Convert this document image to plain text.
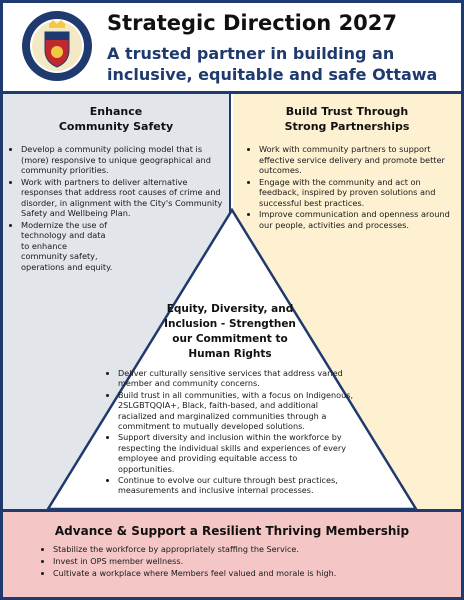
Strategic Direction 2027
A trusted partner in building an inclusive, equitable and safe Ottawa
Enhance
Community Safety
• Develop a community policing model that is (more) responsive to unique geographical and community priorities.
• Work with partners to deliver alternative responses that address root causes of crime and disorder, in alignment with the City's Community Safety and Wellbeing Plan.
• Modernize the use of technology and data to enhance community safety, operations and equity.
Build Trust Through
Strong Partnerships
• Work with community partners to support effective service delivery and promote better outcomes.
• Engage with the community and act on feedback, inspired by proven solutions and successful best practices.
• Improve communication and openness around our people, activities and processes.
Equity, Diversity, and
Inclusion - Strengthen
our Commitment to
Human Rights
• Deliver culturally sensitive services that address varied member and community concerns.
• Build trust in all communities, with a focus on Indigenous, 2SLGBTQQIA+, Black, faith-based, and additional racialized and marginalized communities through a commitment to mutually developed solutions.
• Support diversity and inclusion within the workforce by respecting the individual skills and experiences of every employee and providing equitable access to opportunities.
• Continue to evolve our culture through best practices, measurements and inclusive internal processes.
Advance & Support a Resilient Thriving Membership
• Stabilize the workforce by appropriately staffing the Service.
• Invest in OPS member wellness.
• Cultivate a workplace where Members feel valued and morale is high.
